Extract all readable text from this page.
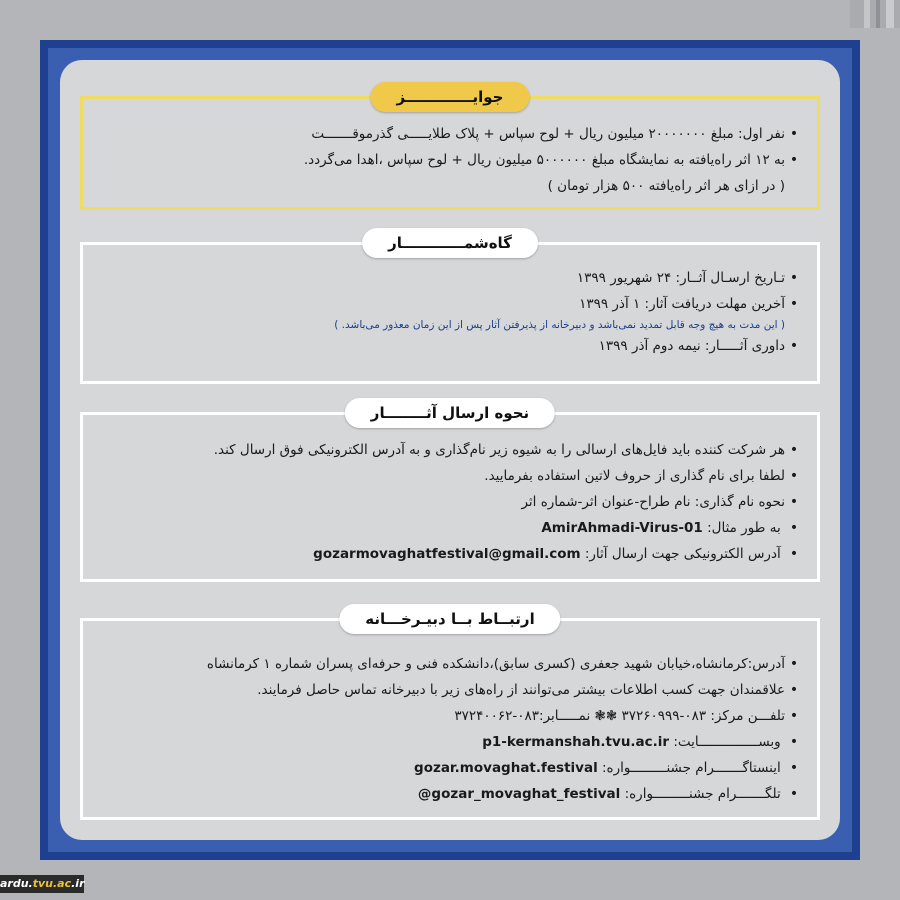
جوایـــــــــــــز
• نفر اول: مبلغ ۲۰۰۰۰۰۰۰ میلیون ریال + لوح سپاس + پلاک طلایـــــی گذرموقـــــــت
• به ۱۲ اثر راه‌یافته به نمایشگاه مبلغ ۵۰۰۰۰۰۰ میلیون ریال + لوح سپاس ،اهدا می‌گردد.
( در ازای هر اثر راه‌یافته ۵۰۰ هزار تومان )
گاه‌شمــــــــــــار
• تـاریخ ارسـال آثــار: ۲۴ شهریور ۱۳۹۹
• آخرین مهلت دریافت آثار: ۱ آذر ۱۳۹۹
( این مدت به هیچ وجه قابل تمدید نمی‌باشد و دبیرخانه از پذیرفتن آثار پس از این زمان معذور می‌باشد. )
• داوری آثـــــار: نیمه دوم آذر ۱۳۹۹
نحوه ارسال آثــــــــار
• هر شرکت کننده باید فایل‌های ارسالی را به شیوه زیر نام‌گذاری و به آدرس الکترونیکی فوق ارسال کند.
• لطفا برای نام گذاری از حروف لاتین استفاده بفرمایید.
• نحوه نام گذاری: نام طراح-عنوان اثر-شماره اثر
• به طور مثال: AmirAhmadi-Virus-01
• آدرس الکترونیکی جهت ارسال آثار: gozarmovaghatfestival@gmail.com
ارتبــاط بــا دبیـرخـــانه
• آدرس:کرمانشاه،خیابان شهید جعفری (کسری سابق)،دانشکده فنی و حرفه‌ای پسران شماره ۱ کرمانشاه
• علاقمندان جهت کسب اطلاعات بیشتر می‌توانند از راه‌های زیر با دبیرخانه تماس حاصل فرمایند.
• تلفـــن مرکز: ۰۸۳-۳۷۲۶۰۹۹۹ ❃❃ نمـــــابر:۰۸۳-۳۷۲۴۰۰۶۲
• وبســـــــــــــــایت: p1-kermanshah.tvu.ac.ir
• اینستاگـــــــرام جشنـــــــــواره: gozar.movaghat.festival
• تلگـــــــرام جشنـــــــــواره: @gozar_movaghat_festival
ardu.tvu.ac.ir
